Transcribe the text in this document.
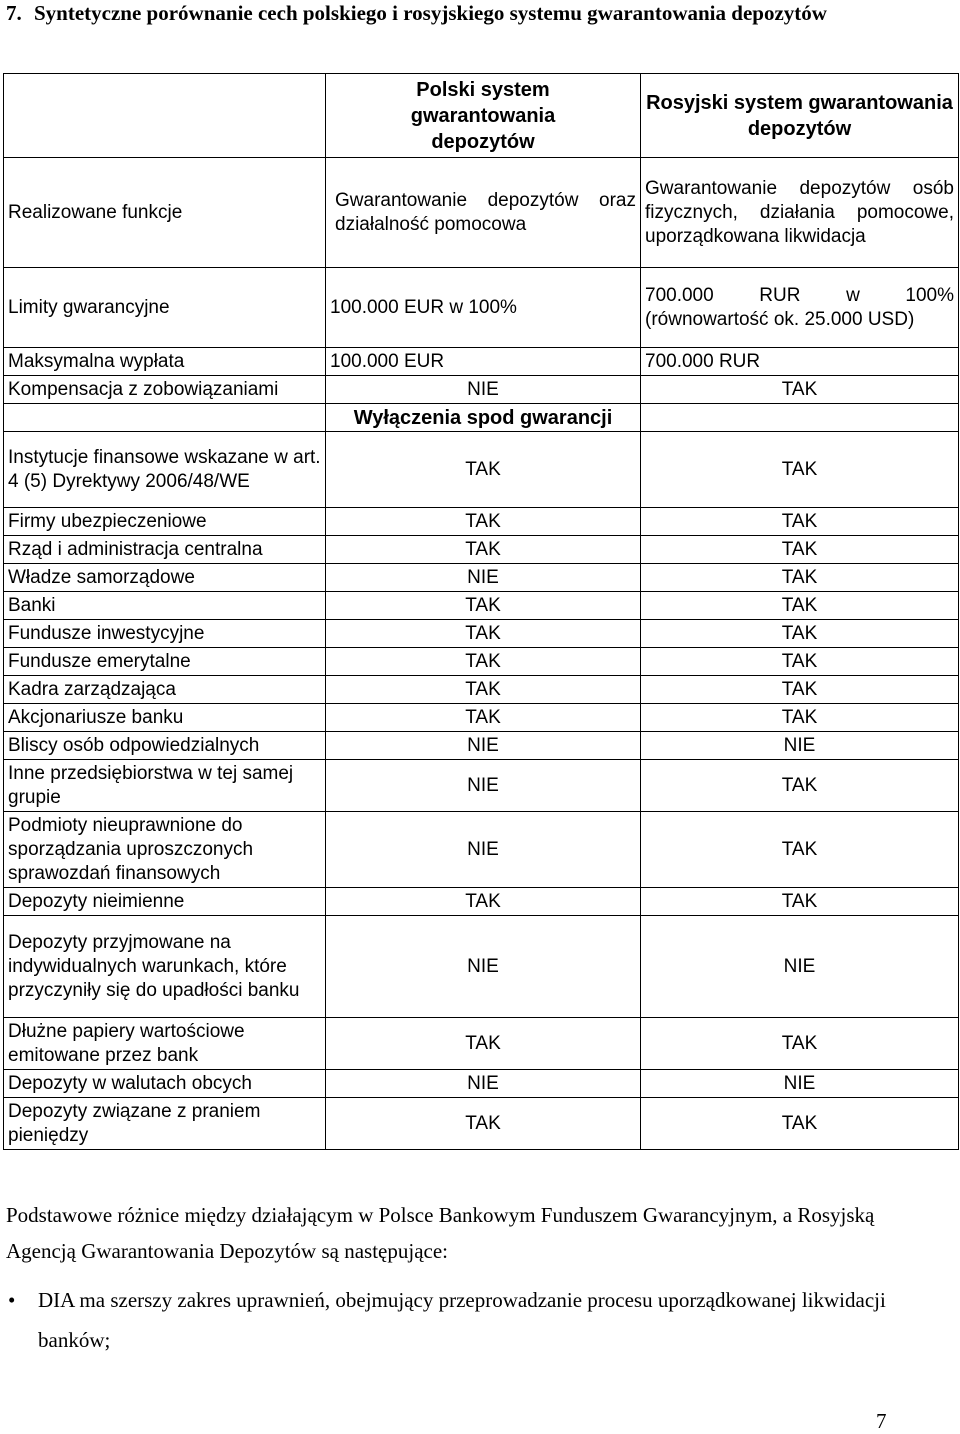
7. Syntetyczne porównanie cech polskiego i rosyjskiego systemu gwarantowania depozytów
	Polski system gwarantowania depozytów	Rosyjski system gwarantowania depozytów
Realizowane funkcje	Gwarantowanie depozytów oraz działalność pomocowa	Gwarantowanie depozytów osób fizycznych, działania pomocowe, uporządkowana likwidacja
Limity gwarancyjne	100.000 EUR w 100%	700.000 RUR w 100% (równowartość ok. 25.000 USD)
Maksymalna wypłata	100.000 EUR	700.000 RUR
Kompensacja z zobowiązaniami	NIE	TAK
	Wyłączenia spod gwarancji	
Instytucje finansowe wskazane w art. 4 (5) Dyrektywy 2006/48/WE	TAK	TAK
Firmy ubezpieczeniowe	TAK	TAK
Rząd i administracja centralna	TAK	TAK
Władze samorządowe	NIE	TAK
Banki	TAK	TAK
Fundusze inwestycyjne	TAK	TAK
Fundusze emerytalne	TAK	TAK
Kadra zarządzająca	TAK	TAK
Akcjonariusze banku	TAK	TAK
Bliscy osób odpowiedzialnych	NIE	NIE
Inne przedsiębiorstwa w tej samej grupie	NIE	TAK
Podmioty nieuprawnione do sporządzania uproszczonych sprawozdań finansowych	NIE	TAK
Depozyty nieimienne	TAK	TAK
Depozyty przyjmowane na indywidualnych warunkach, które przyczyniły się do upadłości banku	NIE	NIE
Dłużne papiery wartościowe emitowane przez bank	TAK	TAK
Depozyty w walutach obcych	NIE	NIE
Depozyty związane z praniem pieniędzy	TAK	TAK
Podstawowe różnice między działającym w Polsce Bankowym Funduszem Gwarancyjnym, a Rosyjską Agencją Gwarantowania Depozytów są następujące:
• DIA ma szerszy zakres uprawnień, obejmujący przeprowadzanie procesu uporządkowanej likwidacji banków;
7
